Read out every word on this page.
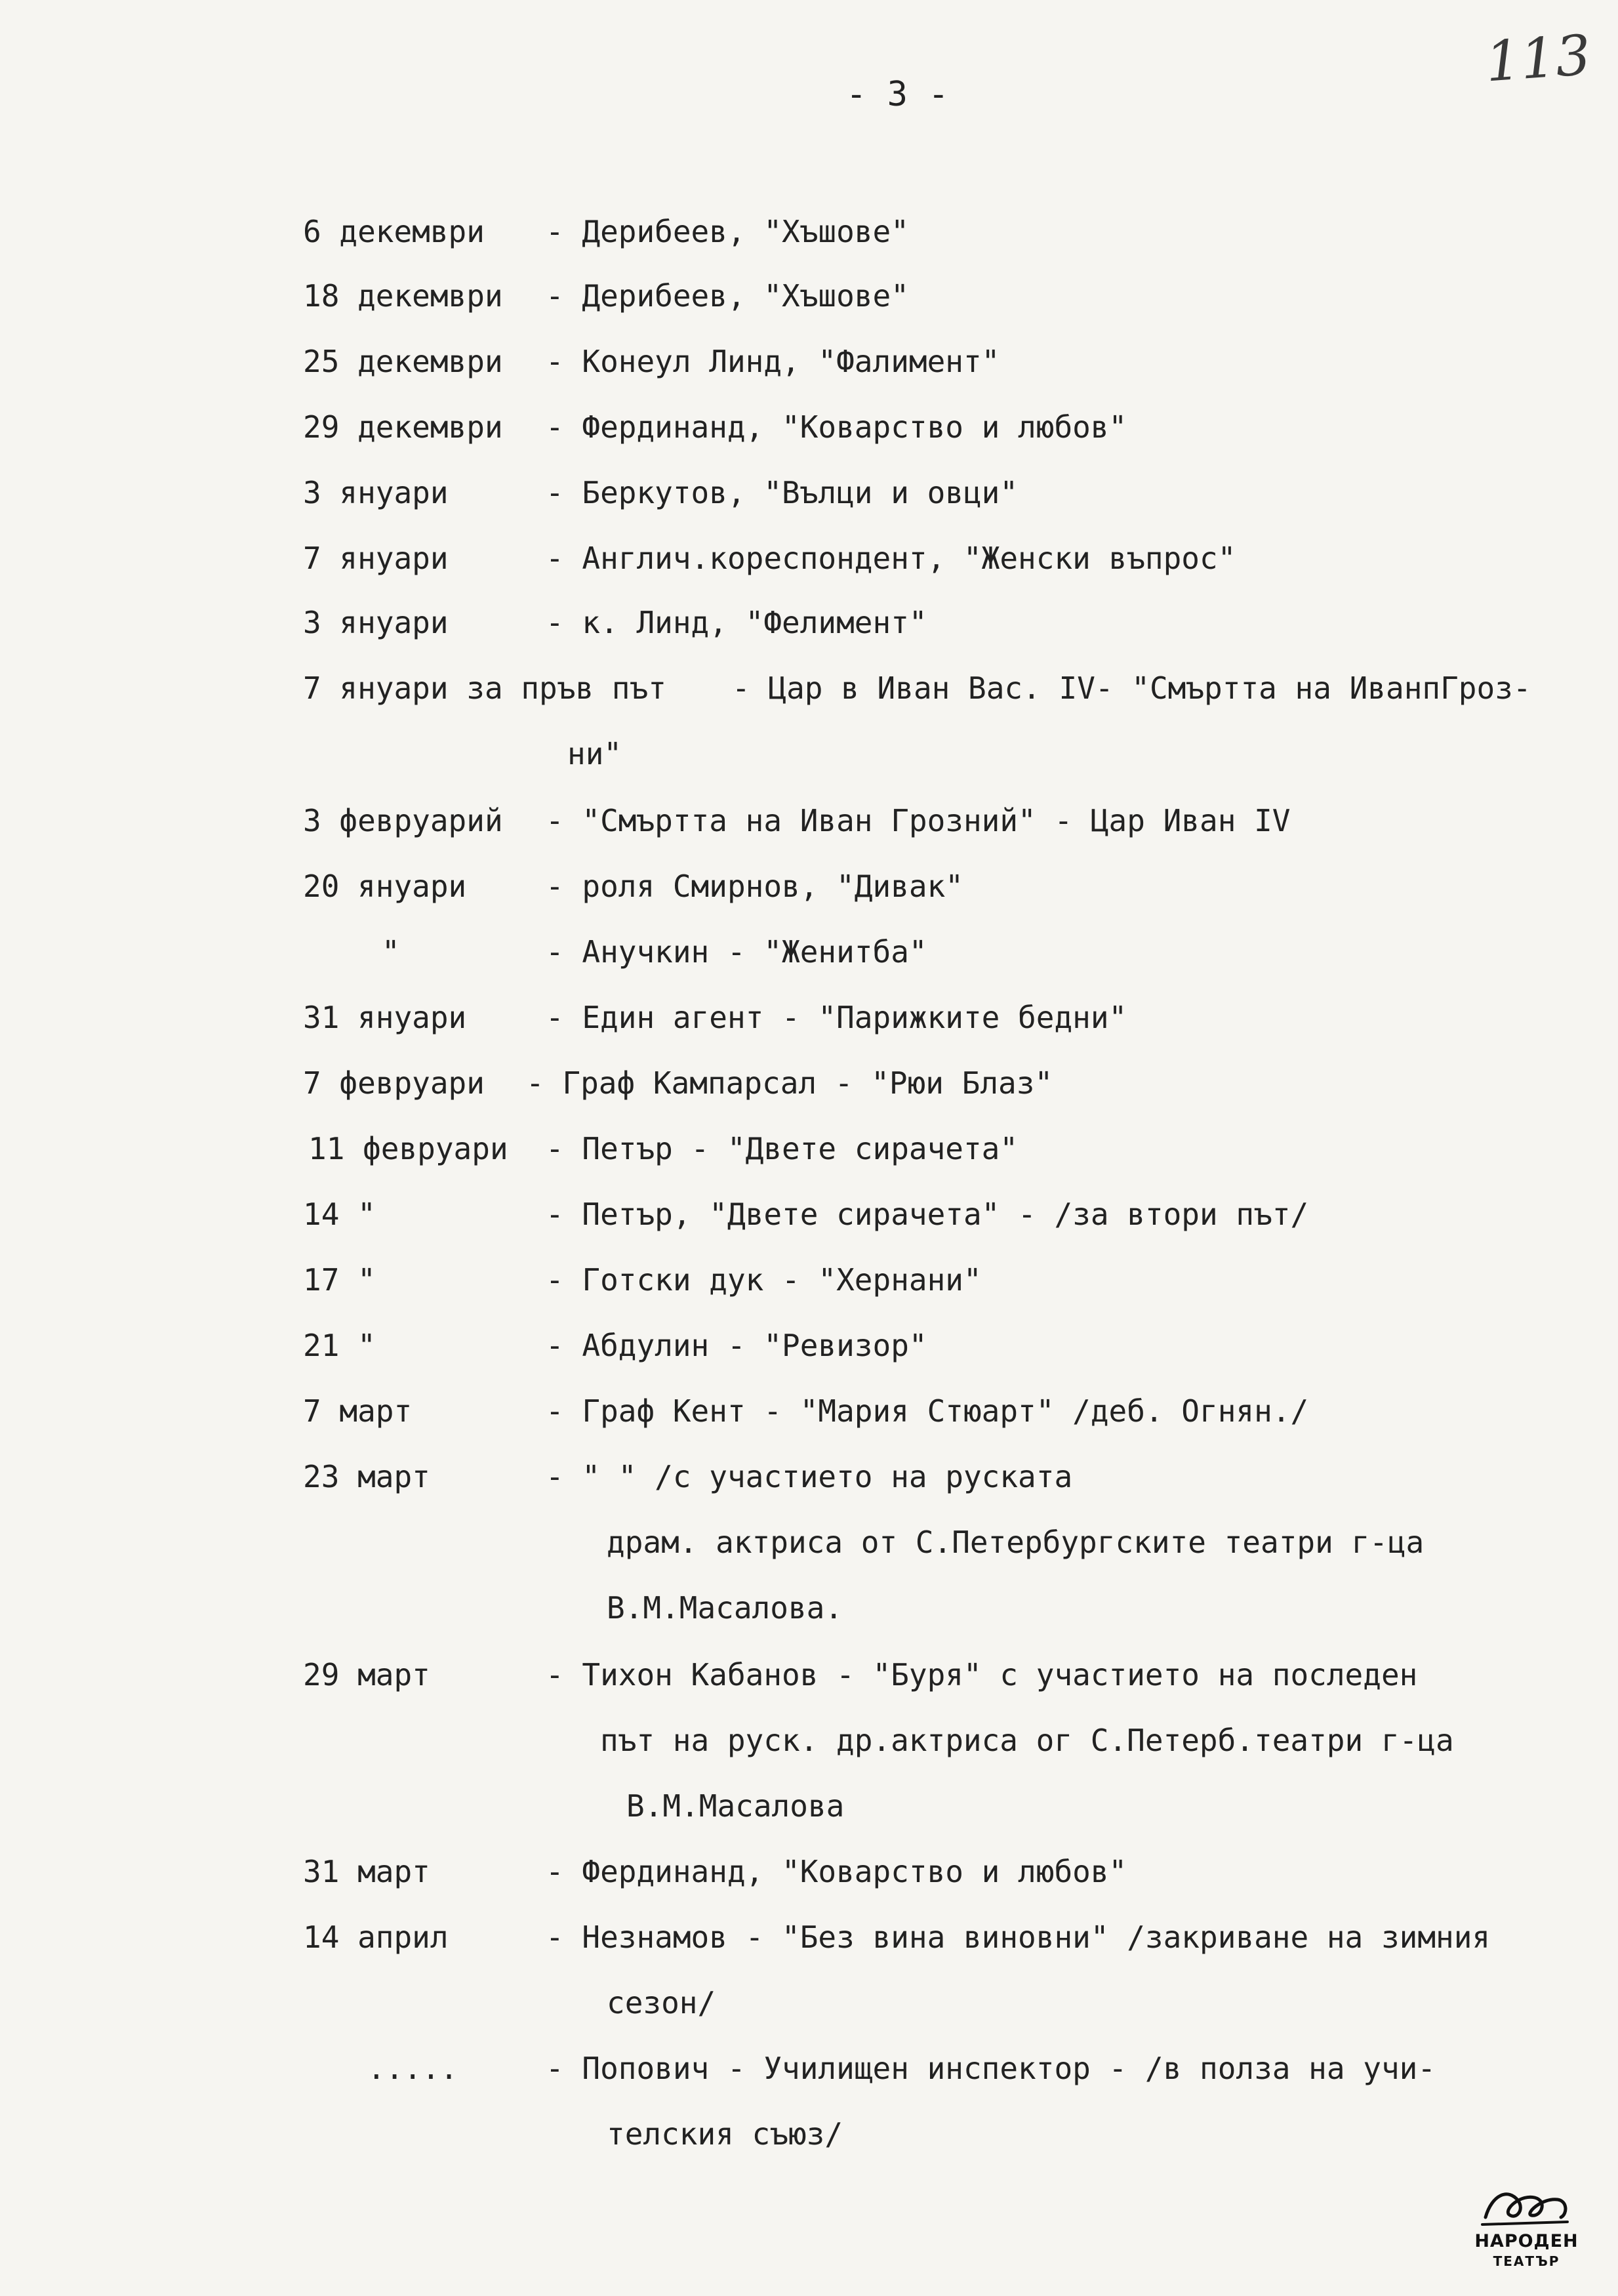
113
- 3 -
6 декември - Дерибеев, "Хъшове"
18 декември - Дерибеев, "Хъшове"
25 декември - Конеул Линд, "Фалимент"
29 декември - Фердинанд, "Коварство и любов"
3 януари	- Беркутов, "Вълци и овци"
7 януари	- Англич.кореспондент, "Женски въпрос"
3 януари	- к. Линд, "Фелимент"
7 януари за пръв път - Цар в Иван Вас. IV- "Смъртта на ИванпГроз-
ни"
3 февруарий - "Смъртта на Иван Грозний" - Цар Иван IV
20 януари	- роля Смирнов, "Дивак"
"	- Анучкин - "Женитба"
31 януари	- Един агент - "Парижките бедни"
7 февруари - Граф Кампарсал - "Рюи Блаз"
11 февруари - Петър - "Двете сирачета"
14 "	- Петър, "Двете сирачета" - /за втори път/
17 "	- Готски дук - "Хернани"
21 "	- Абдулин - "Ревизор"
7 март	- Граф Кент - "Мария Стюарт" /деб. Огнян./
23 март	- " " /с участието на руската
драм. актриса от С.Петербургските театри г-ца
В.М.Масалова.
29 март	- Тихон Кабанов - "Буря" с участието на последен
път на руск. др.актриса ог С.Петерб.театри г-ца
В.М.Масалова
31 март	- Фердинанд, "Коварство и любов"
14 април	- Незнамов - "Без вина виновни" /закриване на зимния
сезон/
.....	- Попович - Училищен инспектор - /в полза на учи-
телския съюз/
НАРОДЕН
ТЕАТЪР
